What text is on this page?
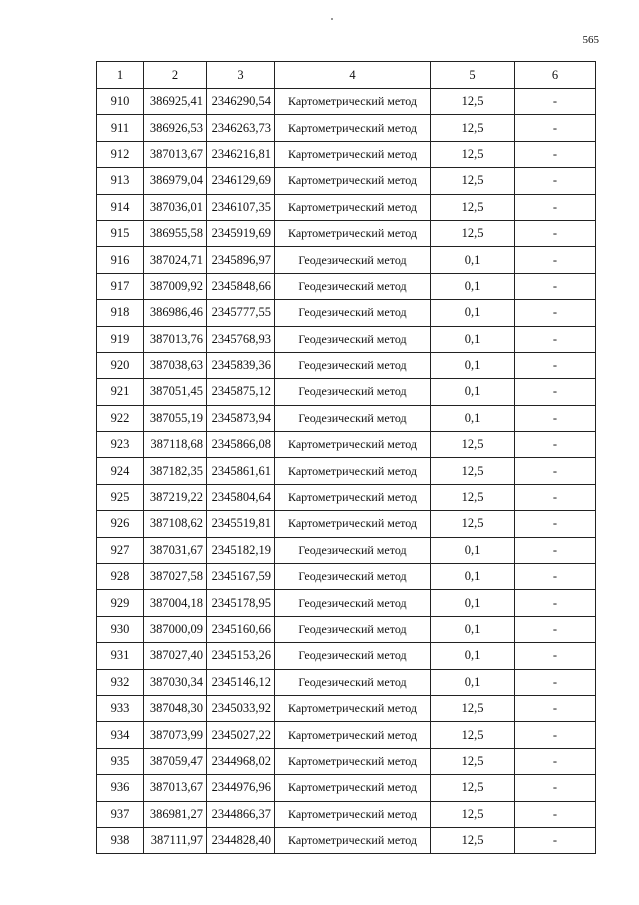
565
1	2	3	4	5	6
910	386925,41	2346290,54	Картометрический метод	12,5	-
911	386926,53	2346263,73	Картометрический метод	12,5	-
912	387013,67	2346216,81	Картометрический метод	12,5	-
913	386979,04	2346129,69	Картометрический метод	12,5	-
914	387036,01	2346107,35	Картометрический метод	12,5	-
915	386955,58	2345919,69	Картометрический метод	12,5	-
916	387024,71	2345896,97	Геодезический метод	0,1	-
917	387009,92	2345848,66	Геодезический метод	0,1	-
918	386986,46	2345777,55	Геодезический метод	0,1	-
919	387013,76	2345768,93	Геодезический метод	0,1	-
920	387038,63	2345839,36	Геодезический метод	0,1	-
921	387051,45	2345875,12	Геодезический метод	0,1	-
922	387055,19	2345873,94	Геодезический метод	0,1	-
923	387118,68	2345866,08	Картометрический метод	12,5	-
924	387182,35	2345861,61	Картометрический метод	12,5	-
925	387219,22	2345804,64	Картометрический метод	12,5	-
926	387108,62	2345519,81	Картометрический метод	12,5	-
927	387031,67	2345182,19	Геодезический метод	0,1	-
928	387027,58	2345167,59	Геодезический метод	0,1	-
929	387004,18	2345178,95	Геодезический метод	0,1	-
930	387000,09	2345160,66	Геодезический метод	0,1	-
931	387027,40	2345153,26	Геодезический метод	0,1	-
932	387030,34	2345146,12	Геодезический метод	0,1	-
933	387048,30	2345033,92	Картометрический метод	12,5	-
934	387073,99	2345027,22	Картометрический метод	12,5	-
935	387059,47	2344968,02	Картометрический метод	12,5	-
936	387013,67	2344976,96	Картометрический метод	12,5	-
937	386981,27	2344866,37	Картометрический метод	12,5	-
938	387111,97	2344828,40	Картометрический метод	12,5	-
